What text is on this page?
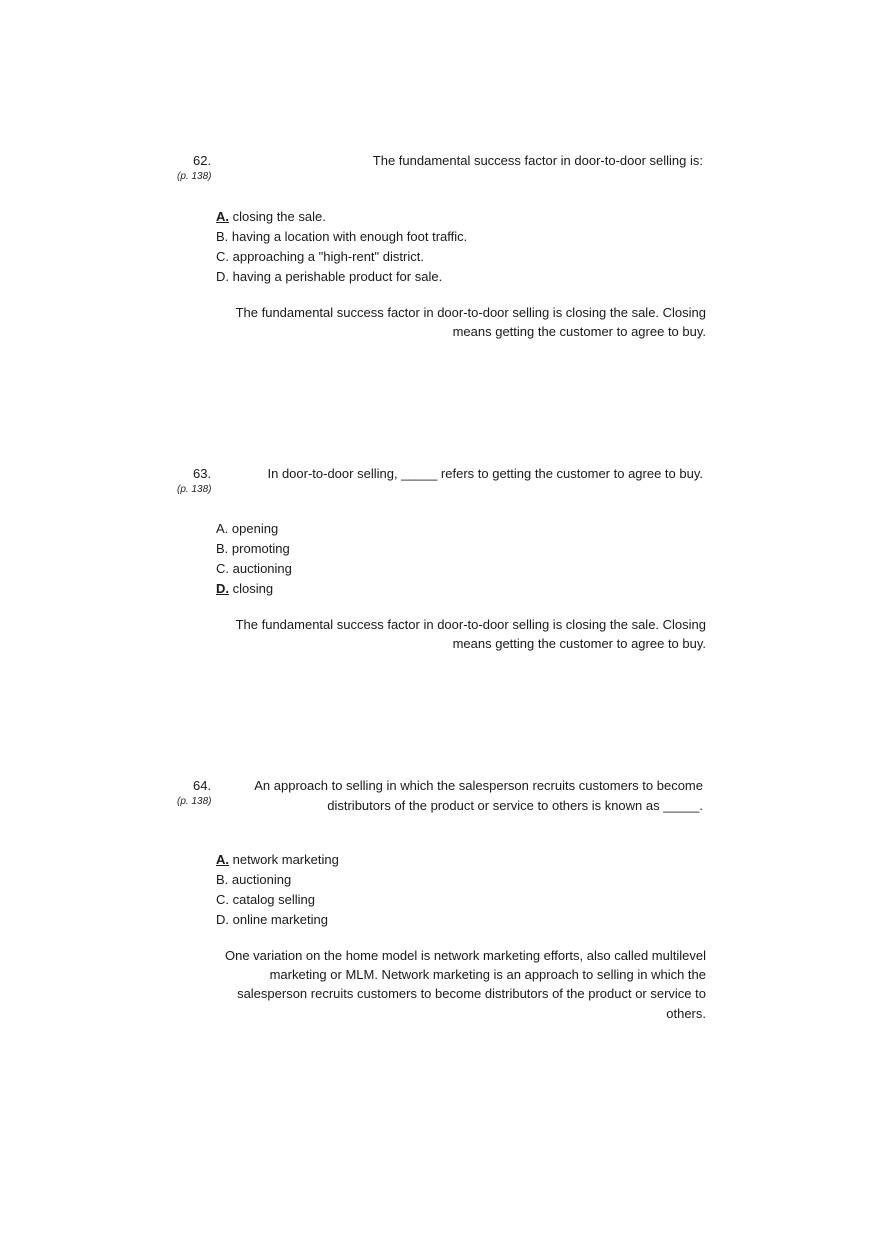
62.
(p. 138)
The fundamental success factor in door-to-door selling is:
A. closing the sale.
B. having a location with enough foot traffic.
C. approaching a "high-rent" district.
D. having a perishable product for sale.
The fundamental success factor in door-to-door selling is closing the sale. Closing means getting the customer to agree to buy.
63.
(p. 138)
In door-to-door selling, _____ refers to getting the customer to agree to buy.
A. opening
B. promoting
C. auctioning
D. closing
The fundamental success factor in door-to-door selling is closing the sale. Closing means getting the customer to agree to buy.
64.
(p. 138)
An approach to selling in which the salesperson recruits customers to become distributors of the product or service to others is known as _____.
A. network marketing
B. auctioning
C. catalog selling
D. online marketing
One variation on the home model is network marketing efforts, also called multilevel marketing or MLM. Network marketing is an approach to selling in which the salesperson recruits customers to become distributors of the product or service to others.
